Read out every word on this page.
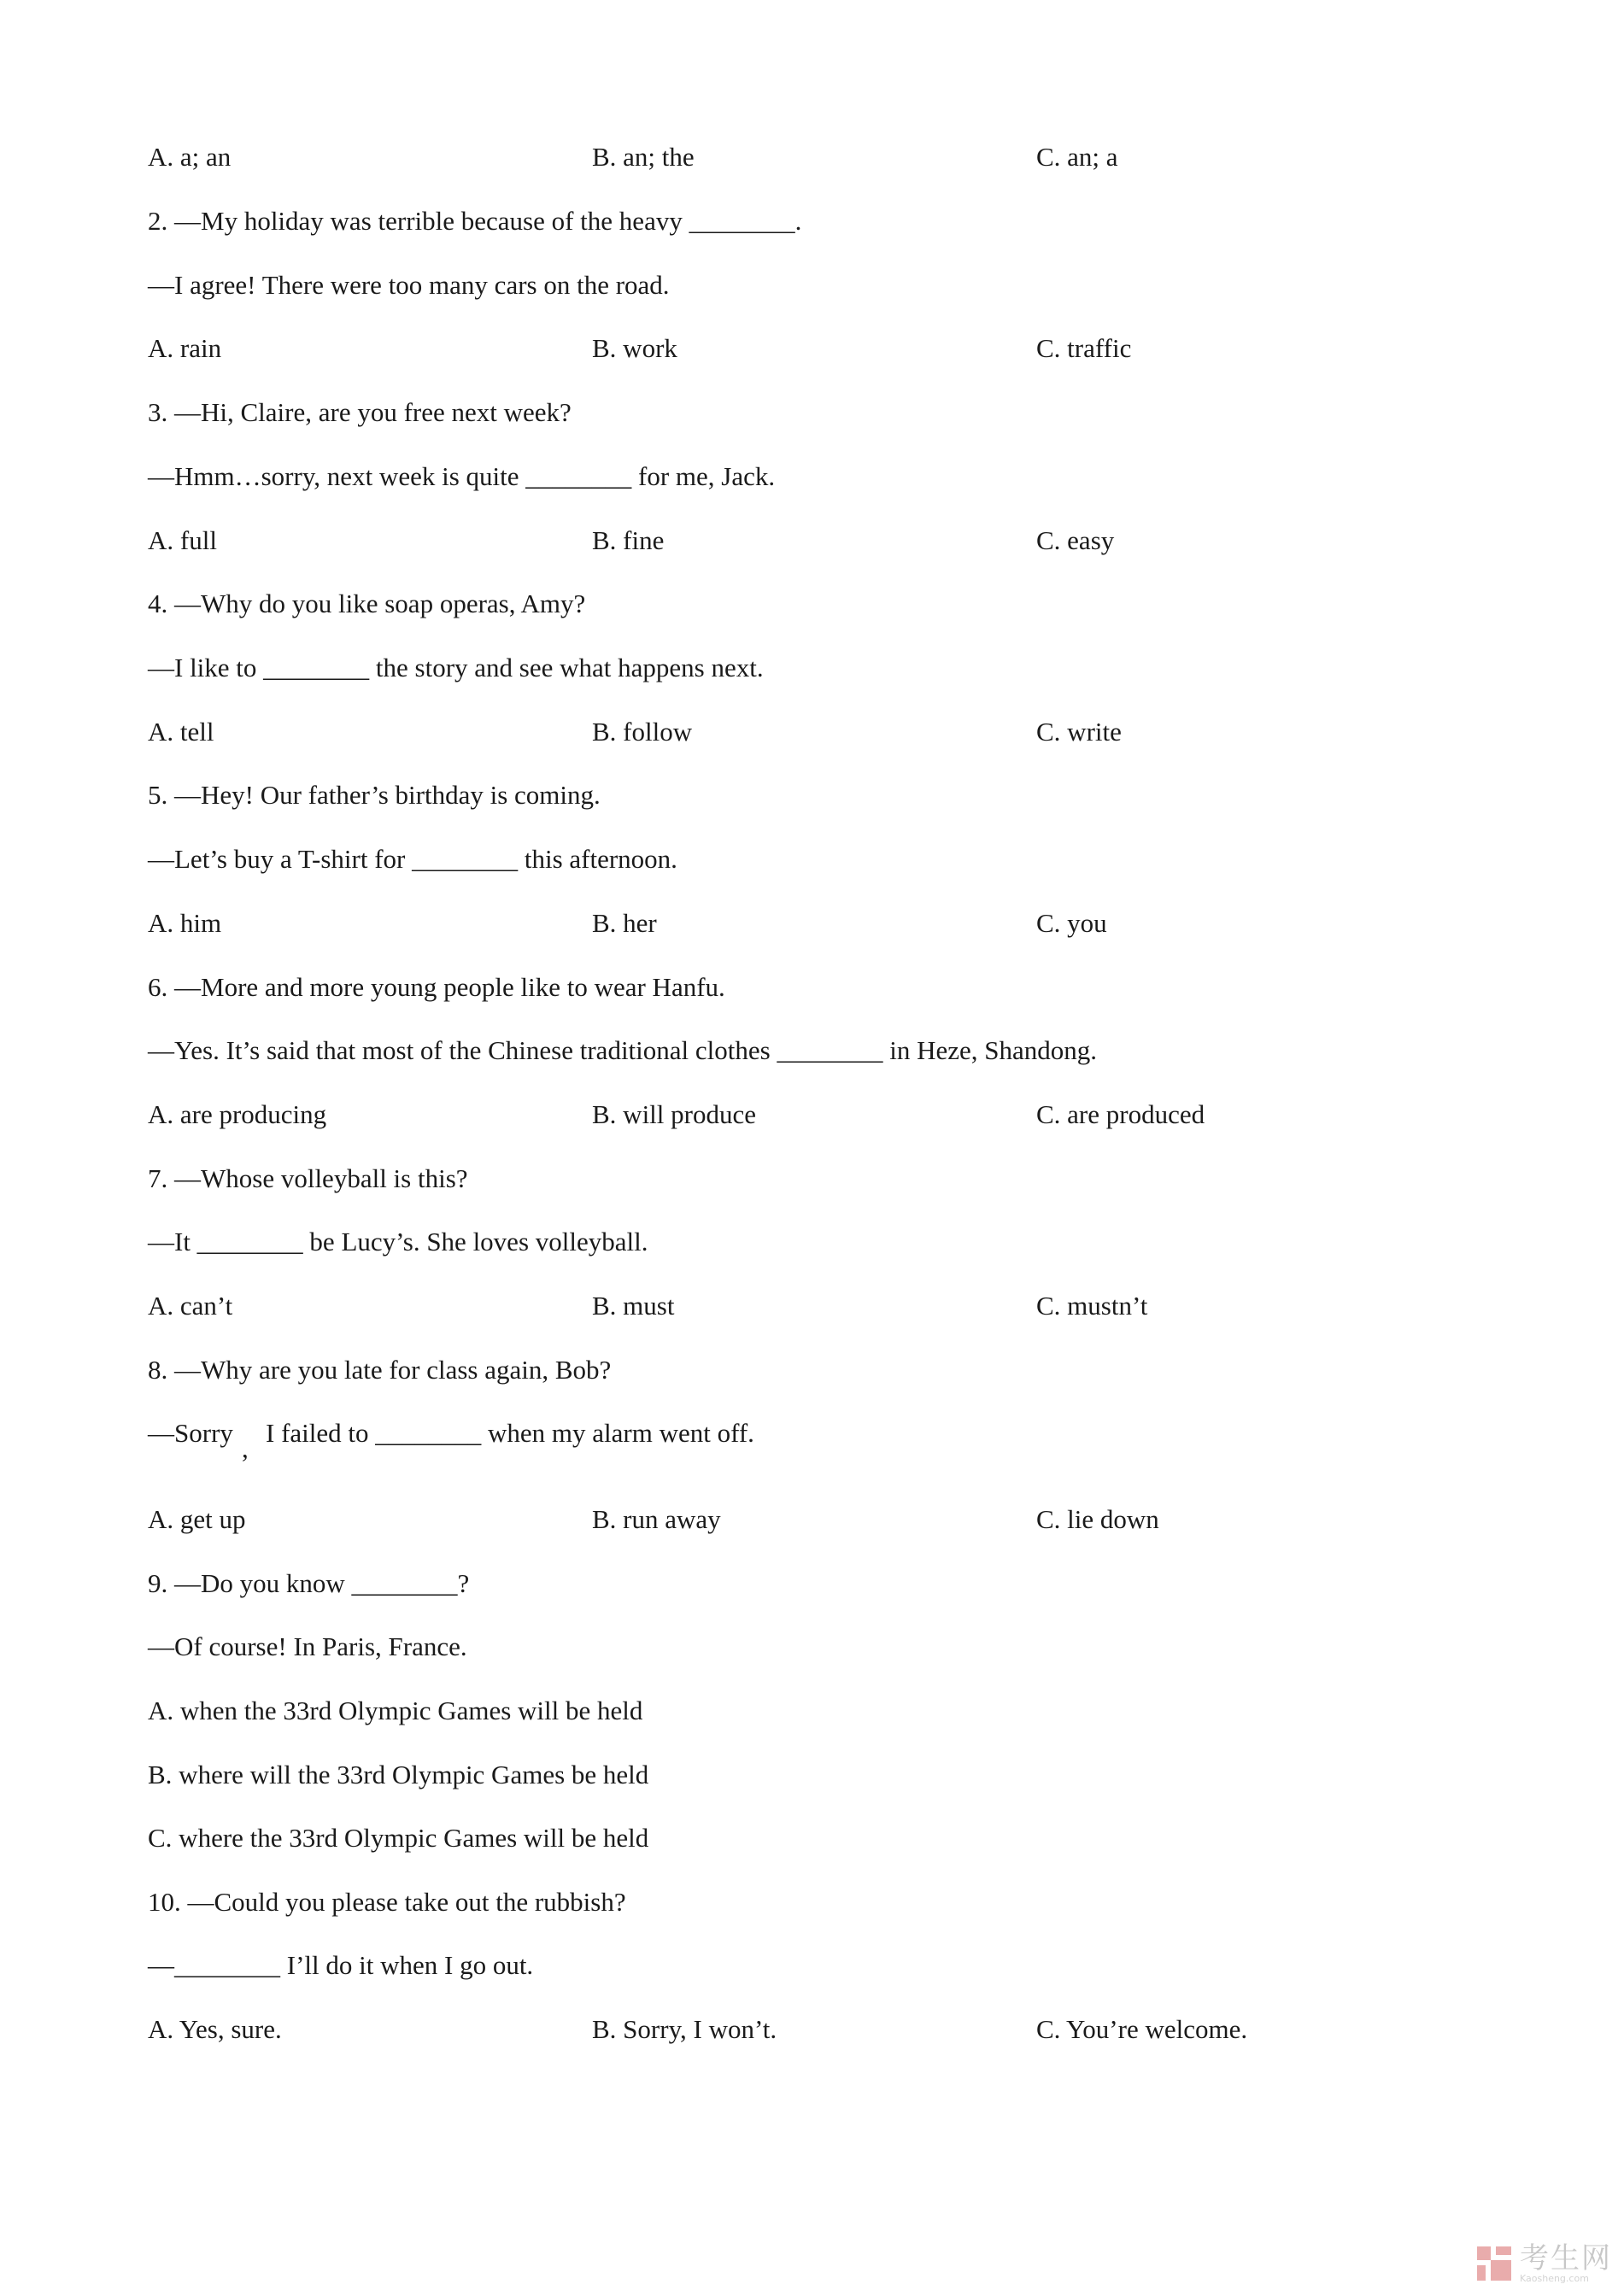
A. a; an	B. an; the	C. an; a
2. —My holiday was terrible because of the heavy ________.
—I agree! There were too many cars on the road.
A. rain	B. work	C. traffic
3. —Hi, Claire, are you free next week?
—Hmm…sorry, next week is quite ________ for me, Jack.
A. full	B. fine	C. easy
4. —Why do you like soap operas, Amy?
—I like to ________ the story and see what happens next.
A. tell	B. follow	C. write
5. —Hey! Our father’s birthday is coming.
—Let’s buy a T-shirt for ________ this afternoon.
A. him	B. her	C. you
6. —More and more young people like to wear Hanfu.
—Yes. It’s said that most of the Chinese traditional clothes ________ in Heze, Shandong.
A. are producing	B. will produce	C. are produced
7. —Whose volleyball is this?
—It ________ be Lucy’s. She loves volleyball.
A. can’t	B. must	C. mustn’t
8. —Why are you late for class again, Bob?
—Sorry
,
I failed to ________ when my alarm went off.
A. get up	B. run away	C. lie down
9. —Do you know ________?
—Of course! In Paris, France.
A. when the 33rd Olympic Games will be held
B. where will the 33rd Olympic Games be held
C. where the 33rd Olympic Games will be held
10. —Could you please take out the rubbish?
—________ I’ll do it when I go out.
A. Yes, sure.	B. Sorry, I won’t.	C. You’re welcome.
考生网
Kaosheng.com
